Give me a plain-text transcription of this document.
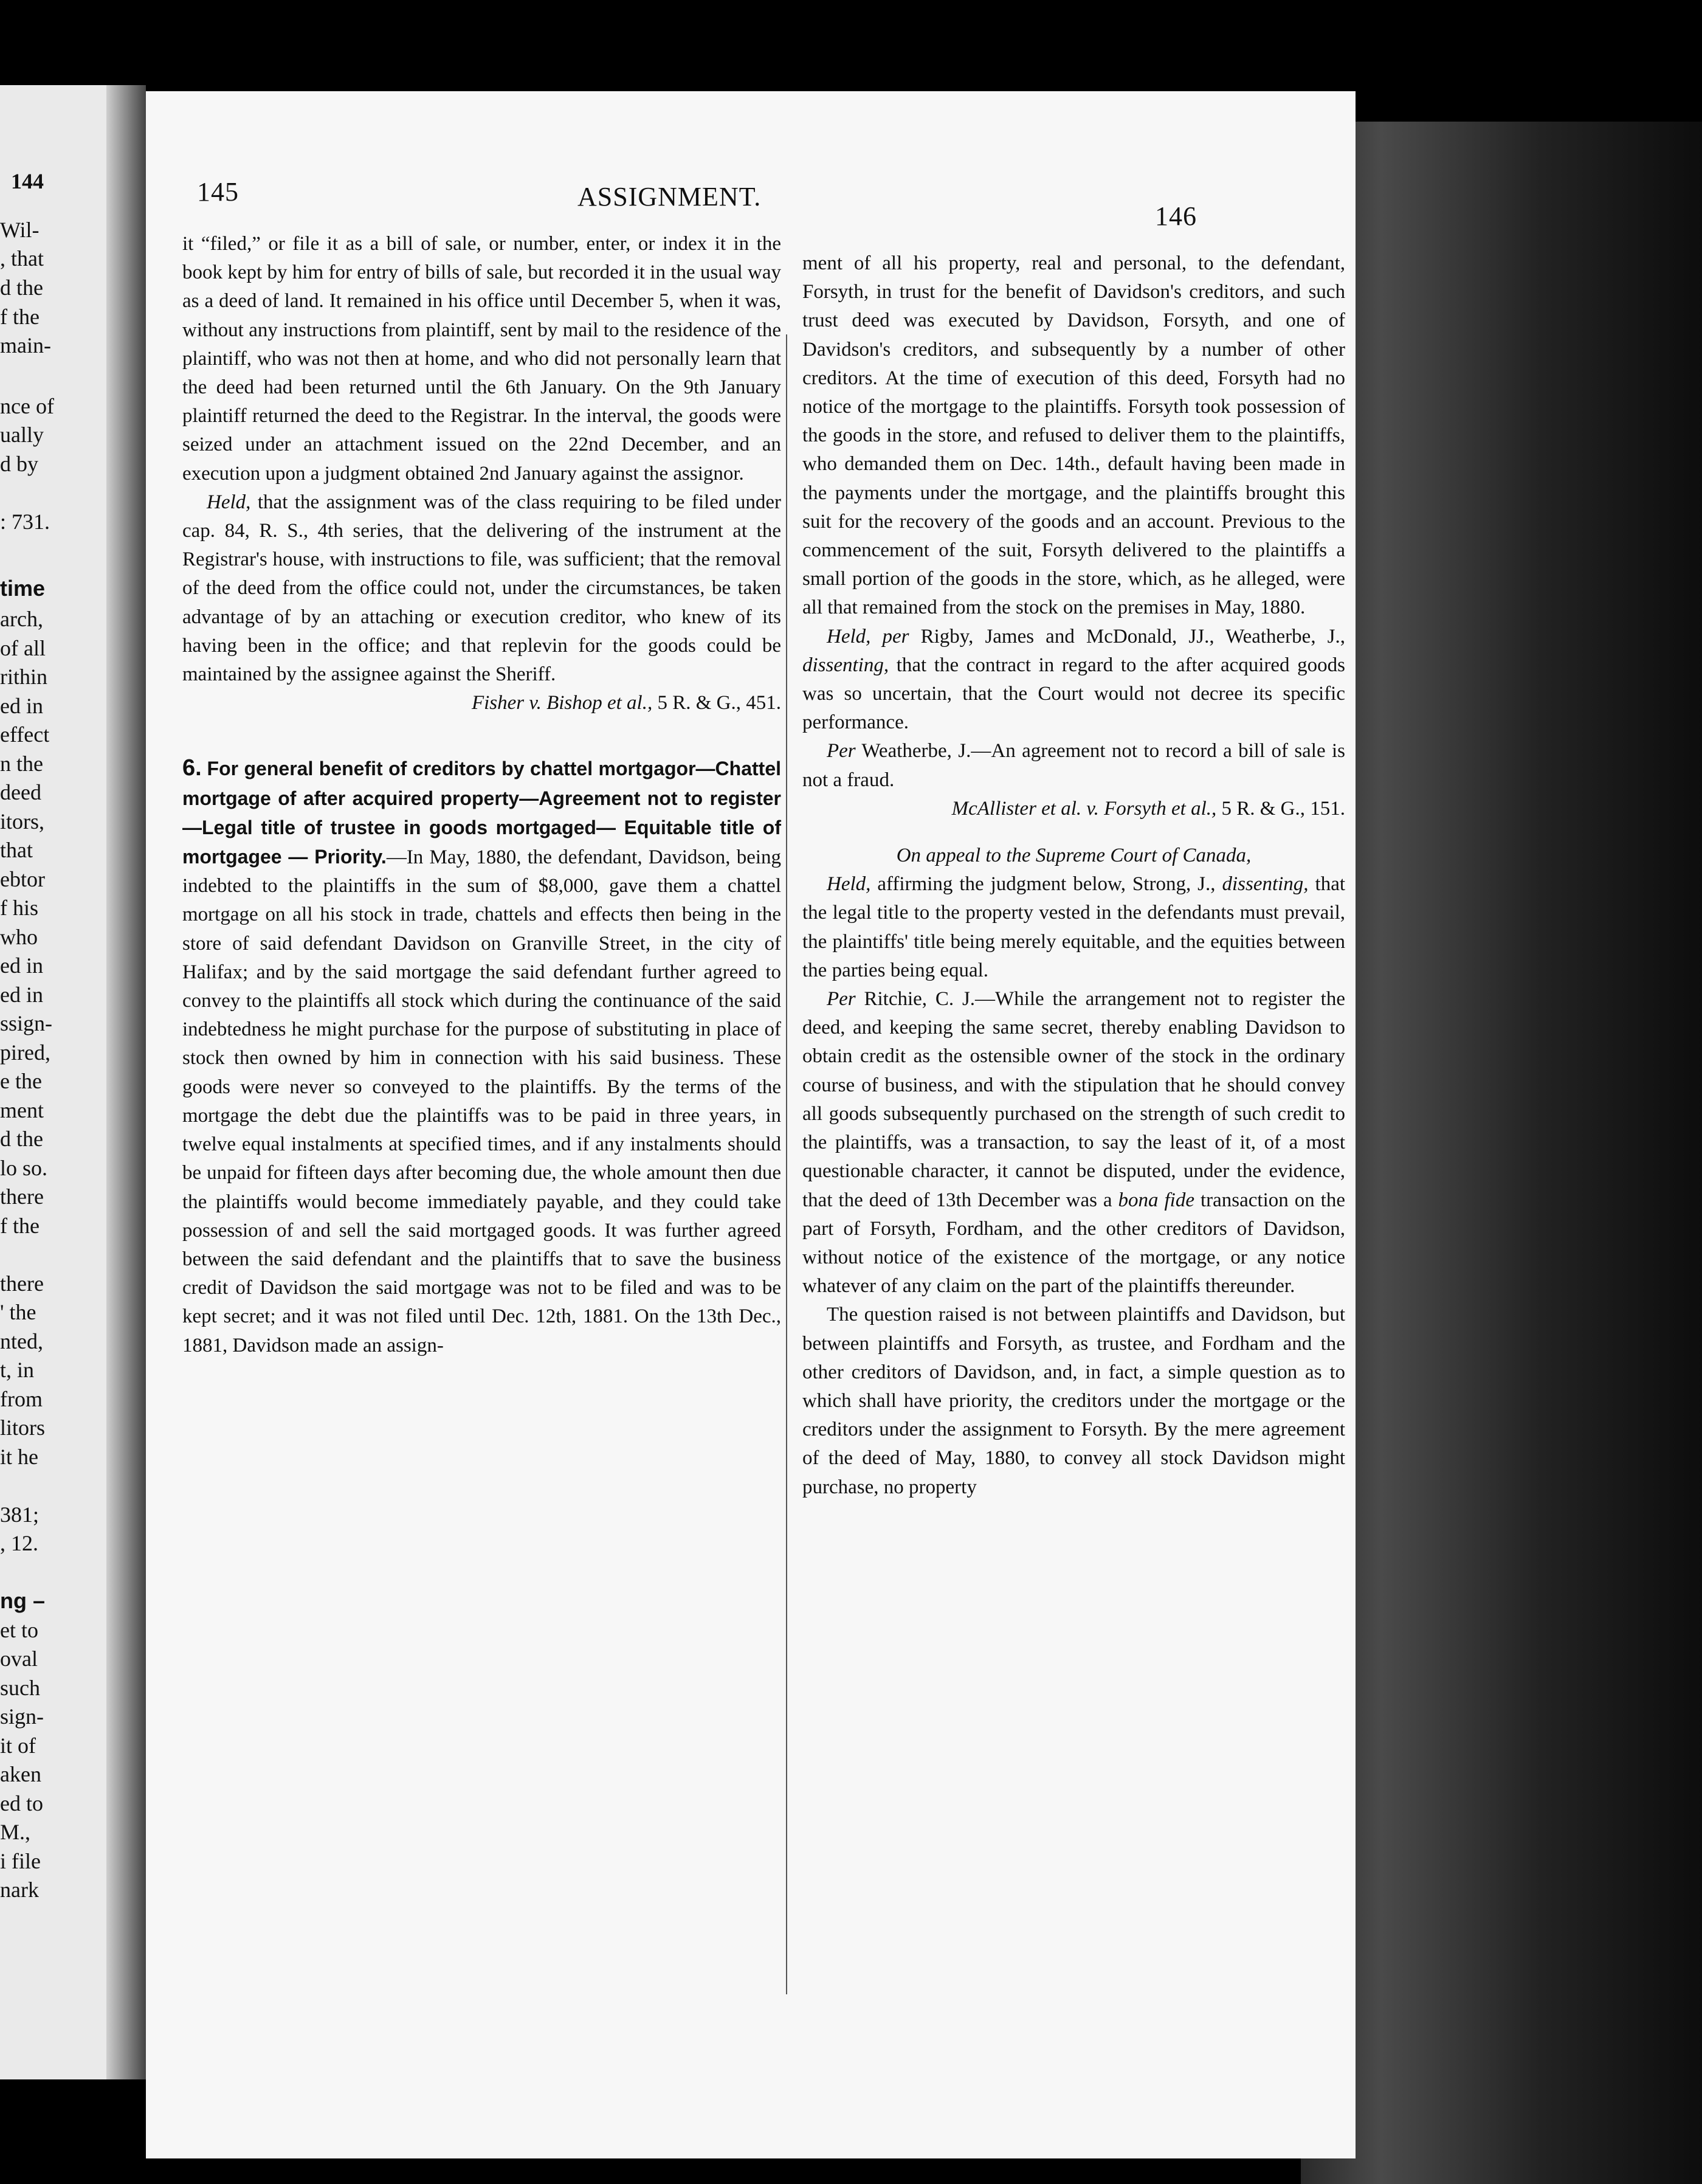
144
Wil-
, that
d the
f the
main-
nce of
ually
d by
: 731.
time
arch,
of all
rithin
ed in
effect
n the
deed
itors,
that
ebtor
f his
who
ed in
ed in
ssign-
pired,
e the
ment
d the
lo so.
there
f the
there
' the
nted,
t, in
from
litors
it he
381;
, 12.
ng –
et to
oval
such
sign-
it of
aken
ed to
M.,
i file
nark
145	ASSIGNMENT.
146

it “filed,” or file it as a bill of sale, or number, enter, or index it in the book kept by him for entry of bills of sale, but recorded it in the usual way as a deed of land. It remained in his office until December 5, when it was, without any instructions from plaintiff, sent by mail to the residence of the plaintiff, who was not then at home, and who did not personally learn that the deed had been returned until the 6th January. On the 9th January plaintiff returned the deed to the Registrar. In the interval, the goods were seized under an attachment issued on the 22nd December, and an execution upon a judgment obtained 2nd January against the assignor.

Held, that the assignment was of the class requiring to be filed under cap. 84, R. S., 4th series, that the delivering of the instrument at the Registrar's house, with instructions to file, was sufficient; that the removal of the deed from the office could not, under the circumstances, be taken advantage of by an attaching or execution creditor, who knew of its having been in the office; and that replevin for the goods could be maintained by the assignee against the Sheriff.

Fisher v. Bishop et al., 5 R. & G., 451.

6. For general benefit of creditors by chattel mortgagor—Chattel mortgage of after acquired property—Agreement not to register —Legal title of trustee in goods mortgaged— Equitable title of mortgagee — Priority.—In May, 1880, the defendant, Davidson, being indebted to the plaintiffs in the sum of $8,000, gave them a chattel mortgage on all his stock in trade, chattels and effects then being in the store of said defendant Davidson on Granville Street, in the city of Halifax; and by the said mortgage the said defendant further agreed to convey to the plaintiffs all stock which during the continuance of the said indebtedness he might purchase for the purpose of substituting in place of stock then owned by him in connection with his said business. These goods were never so conveyed to the plaintiffs. By the terms of the mortgage the debt due the plaintiffs was to be paid in three years, in twelve equal instalments at specified times, and if any instalments should be unpaid for fifteen days after becoming due, the whole amount then due the plaintiffs would become immediately payable, and they could take possession of and sell the said mortgaged goods. It was further agreed between the said defendant and the plaintiffs that to save the business credit of Davidson the said mortgage was not to be filed and was to be kept secret; and it was not filed until Dec. 12th, 1881. On the 13th Dec., 1881, Davidson made an assign-

ment of all his property, real and personal, to the defendant, Forsyth, in trust for the benefit of Davidson's creditors, and such trust deed was executed by Davidson, Forsyth, and one of Davidson's creditors, and subsequently by a number of other creditors. At the time of execution of this deed, Forsyth had no notice of the mortgage to the plaintiffs. Forsyth took possession of the goods in the store, and refused to deliver them to the plaintiffs, who demanded them on Dec. 14th., default having been made in the payments under the mortgage, and the plaintiffs brought this suit for the recovery of the goods and an account. Previous to the commencement of the suit, Forsyth delivered to the plaintiffs a small portion of the goods in the store, which, as he alleged, were all that remained from the stock on the premises in May, 1880.

Held, per Rigby, James and McDonald, JJ., Weatherbe, J., dissenting, that the contract in regard to the after acquired goods was so uncertain, that the Court would not decree its specific performance.

Per Weatherbe, J.—An agreement not to record a bill of sale is not a fraud.

McAllister et al. v. Forsyth et al., 5 R. & G., 151.

On appeal to the Supreme Court of Canada,

Held, affirming the judgment below, Strong, J., dissenting, that the legal title to the property vested in the defendants must prevail, the plaintiffs' title being merely equitable, and the equities between the parties being equal.

Per Ritchie, C. J.—While the arrangement not to register the deed, and keeping the same secret, thereby enabling Davidson to obtain credit as the ostensible owner of the stock in the ordinary course of business, and with the stipulation that he should convey all goods subsequently purchased on the strength of such credit to the plaintiffs, was a transaction, to say the least of it, of a most questionable character, it cannot be disputed, under the evidence, that the deed of 13th December was a bona fide transaction on the part of Forsyth, Fordham, and the other creditors of Davidson, without notice of the existence of the mortgage, or any notice whatever of any claim on the part of the plaintiffs thereunder.

The question raised is not between plaintiffs and Davidson, but between plaintiffs and Forsyth, as trustee, and Fordham and the other creditors of Davidson, and, in fact, a simple question as to which shall have priority, the creditors under the mortgage or the creditors under the assignment to Forsyth. By the mere agreement of the deed of May, 1880, to convey all stock Davidson might purchase, no property
